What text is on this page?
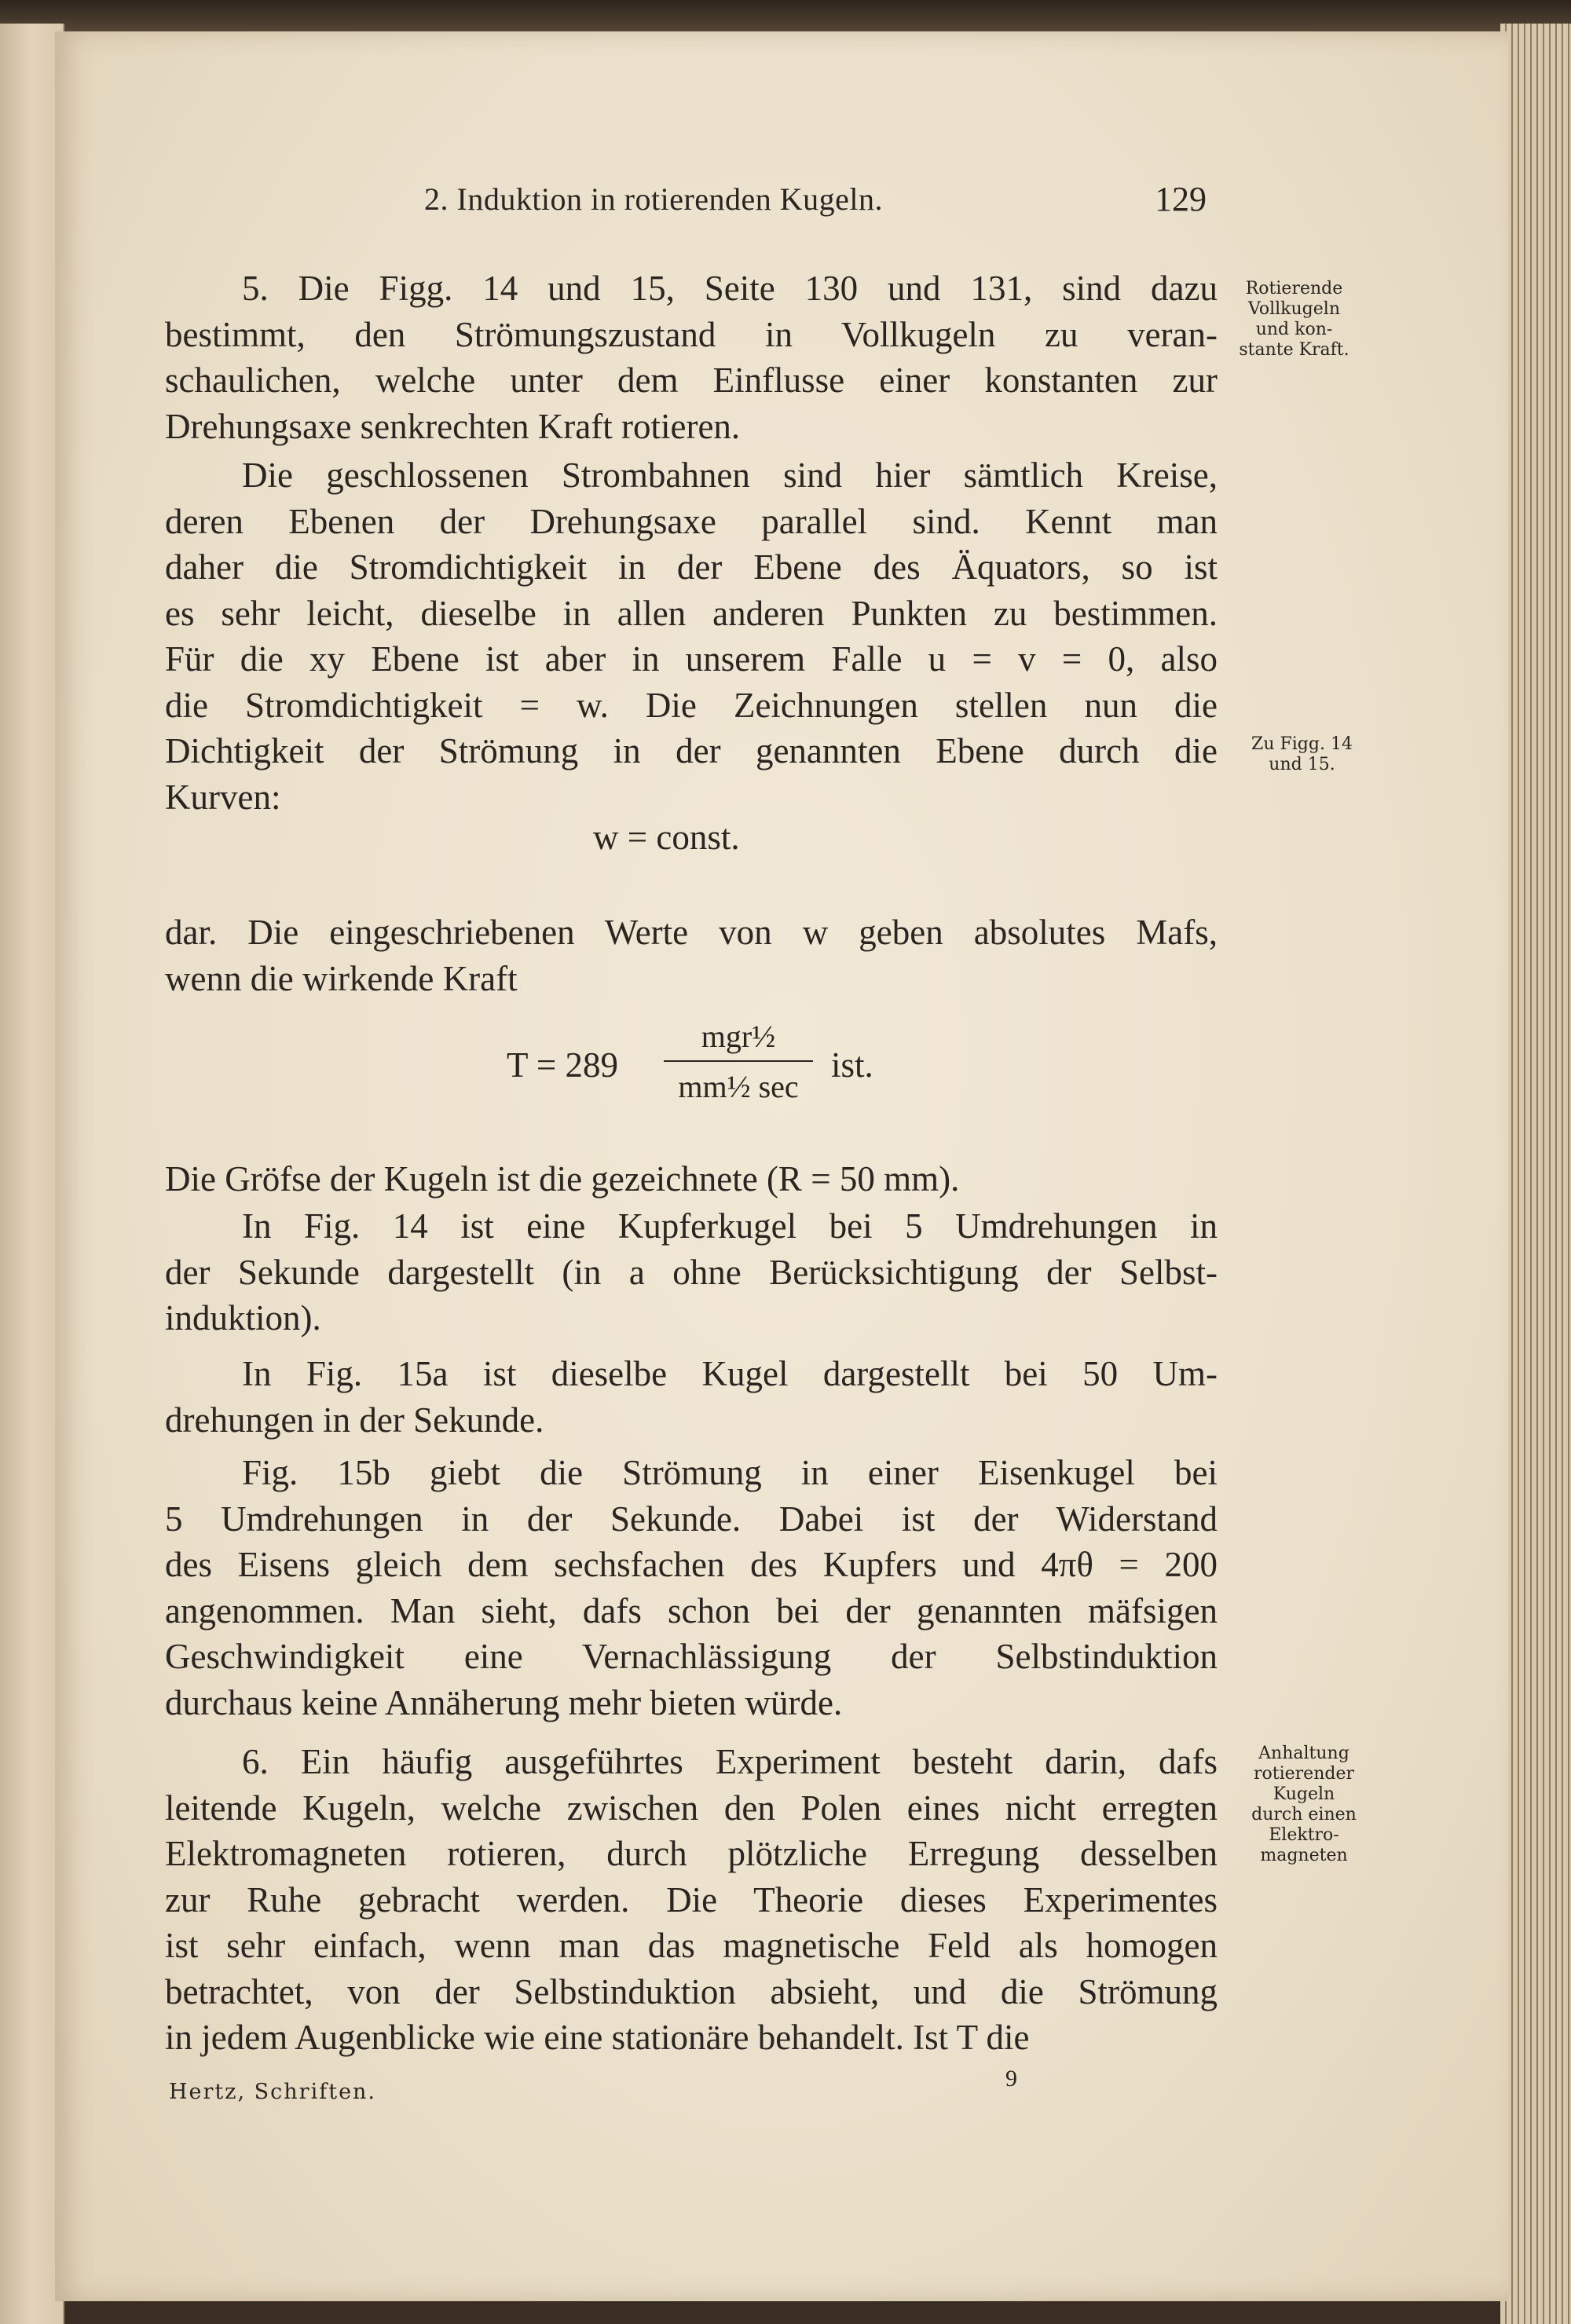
2. Induktion in rotierenden Kugeln.	129
5. Die Figg. 14 und 15, Seite 130 und 131, sind dazu
bestimmt, den Strömungszustand in Vollkugeln zu veran-
schaulichen, welche unter dem Einflusse einer konstanten zur
Drehungsaxe senkrechten Kraft rotieren.
Die geschlossenen Strombahnen sind hier sämtlich Kreise,
deren Ebenen der Drehungsaxe parallel sind. Kennt man
daher die Stromdichtigkeit in der Ebene des Äquators, so ist
es sehr leicht, dieselbe in allen anderen Punkten zu bestimmen.
Für die xy Ebene ist aber in unserem Falle u = v = 0, also
die Stromdichtigkeit = w. Die Zeichnungen stellen nun die
Dichtigkeit der Strömung in der genannten Ebene durch die
Kurven:
w = const.
dar. Die eingeschriebenen Werte von w geben absolutes Mafs,
wenn die wirkende Kraft
T = 289
mgr½
mm½ sec
ist.
Die Gröfse der Kugeln ist die gezeichnete (R = 50 mm).
In Fig. 14 ist eine Kupferkugel bei 5 Umdrehungen in
der Sekunde dargestellt (in a ohne Berücksichtigung der Selbst-
induktion).
In Fig. 15a ist dieselbe Kugel dargestellt bei 50 Um-
drehungen in der Sekunde.
Fig. 15b giebt die Strömung in einer Eisenkugel bei
5 Umdrehungen in der Sekunde. Dabei ist der Widerstand
des Eisens gleich dem sechsfachen des Kupfers und 4πθ = 200
angenommen. Man sieht, dafs schon bei der genannten mäfsigen
Geschwindigkeit eine Vernachlässigung der Selbstinduktion
durchaus keine Annäherung mehr bieten würde.
6. Ein häufig ausgeführtes Experiment besteht darin, dafs
leitende Kugeln, welche zwischen den Polen eines nicht erregten
Elektromagneten rotieren, durch plötzliche Erregung desselben
zur Ruhe gebracht werden. Die Theorie dieses Experimentes
ist sehr einfach, wenn man das magnetische Feld als homogen
betrachtet, von der Selbstinduktion absieht, und die Strömung
in jedem Augenblicke wie eine stationäre behandelt. Ist T die
Rotierende
Vollkugeln
und kon-
stante Kraft.
Zu Figg. 14
und 15.
Anhaltung
rotierender
Kugeln
durch einen
Elektro-
magneten
Hertz, Schriften.
9
